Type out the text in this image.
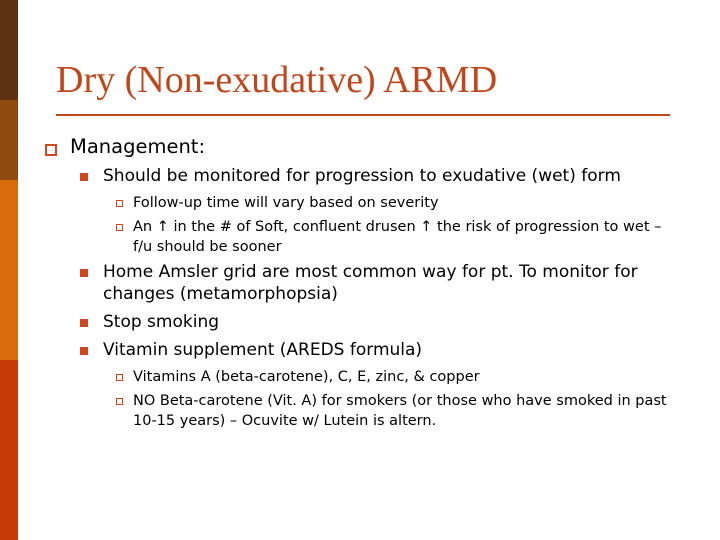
Dry (Non-exudative) ARMD
Management:
Should be monitored for progression to exudative (wet) form
Follow-up time will vary based on severity
An ↑ in the # of Soft, confluent drusen ↑ the risk of progression to wet – f/u should be sooner
Home Amsler grid are most common way for pt. To monitor for changes (metamorphopsia)
Stop smoking
Vitamin supplement (AREDS formula)
Vitamins A (beta-carotene), C, E, zinc, & copper
NO Beta-carotene (Vit. A) for smokers (or those who have smoked in past 10-15 years) – Ocuvite w/ Lutein is altern.
